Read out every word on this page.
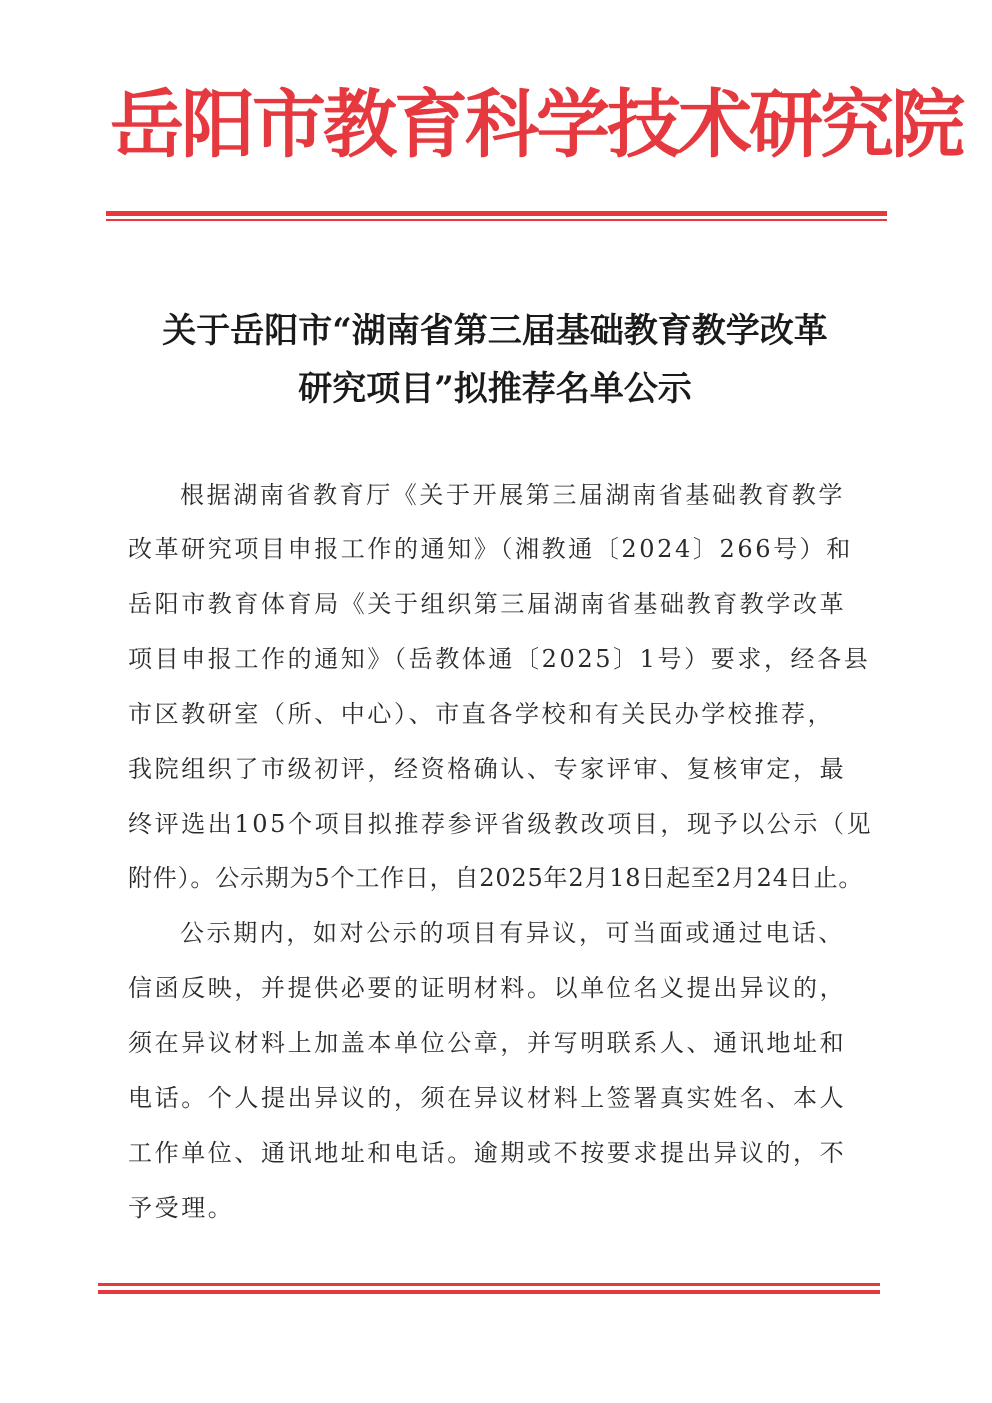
岳阳市教育科学技术研究院
关于岳阳市“湖南省第三届基础教育教学改革
研究项目”拟推荐名单公示
根据湖南省教育厅《关于开展第三届湖南省基础教育教学
改革研究项目申报工作的通知》（湘教通〔2024〕266号）和
岳阳市教育体育局《关于组织第三届湖南省基础教育教学改革
项目申报工作的通知》（岳教体通〔2025〕1号）要求，经各县
市区教研室（所、中心）、市直各学校和有关民办学校推荐，
我院组织了市级初评，经资格确认、专家评审、复核审定，最
终评选出105个项目拟推荐参评省级教改项目，现予以公示（见
附件）。公示期为5个工作日，自2025年2月18日起至2月24日止。
公示期内，如对公示的项目有异议，可当面或通过电话、
信函反映，并提供必要的证明材料。以单位名义提出异议的，
须在异议材料上加盖本单位公章，并写明联系人、通讯地址和
电话。个人提出异议的，须在异议材料上签署真实姓名、本人
工作单位、通讯地址和电话。逾期或不按要求提出异议的，不
予受理。
